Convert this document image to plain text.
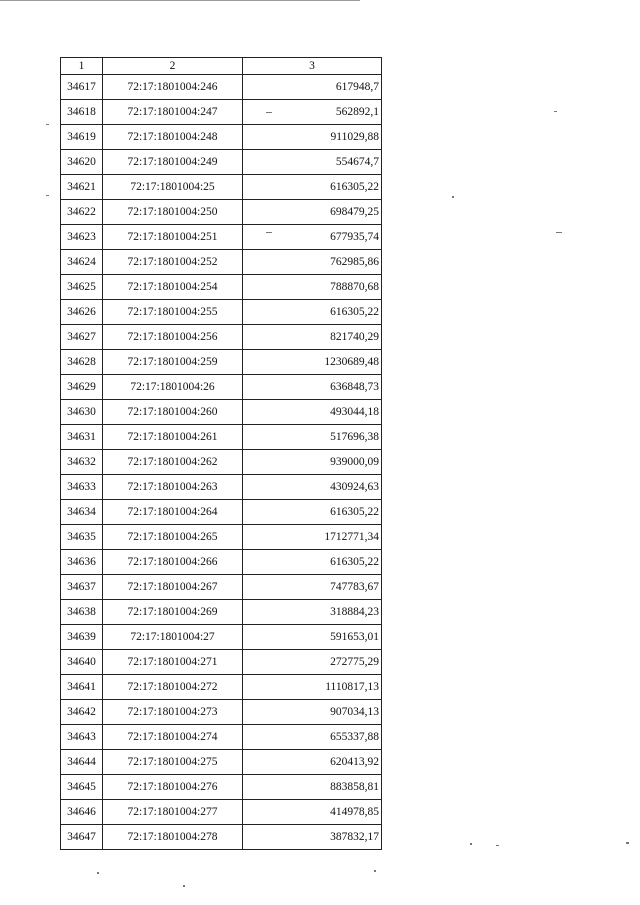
1	2	3
34617	72:17:1801004:246	617948,7
34618	72:17:1801004:247	562892,1
34619	72:17:1801004:248	911029,88
34620	72:17:1801004:249	554674,7
34621	72:17:1801004:25	616305,22
34622	72:17:1801004:250	698479,25
34623	72:17:1801004:251	677935,74
34624	72:17:1801004:252	762985,86
34625	72:17:1801004:254	788870,68
34626	72:17:1801004:255	616305,22
34627	72:17:1801004:256	821740,29
34628	72:17:1801004:259	1230689,48
34629	72:17:1801004:26	636848,73
34630	72:17:1801004:260	493044,18
34631	72:17:1801004:261	517696,38
34632	72:17:1801004:262	939000,09
34633	72:17:1801004:263	430924,63
34634	72:17:1801004:264	616305,22
34635	72:17:1801004:265	1712771,34
34636	72:17:1801004:266	616305,22
34637	72:17:1801004:267	747783,67
34638	72:17:1801004:269	318884,23
34639	72:17:1801004:27	591653,01
34640	72:17:1801004:271	272775,29
34641	72:17:1801004:272	1110817,13
34642	72:17:1801004:273	907034,13
34643	72:17:1801004:274	655337,88
34644	72:17:1801004:275	620413,92
34645	72:17:1801004:276	883858,81
34646	72:17:1801004:277	414978,85
34647	72:17:1801004:278	387832,17
